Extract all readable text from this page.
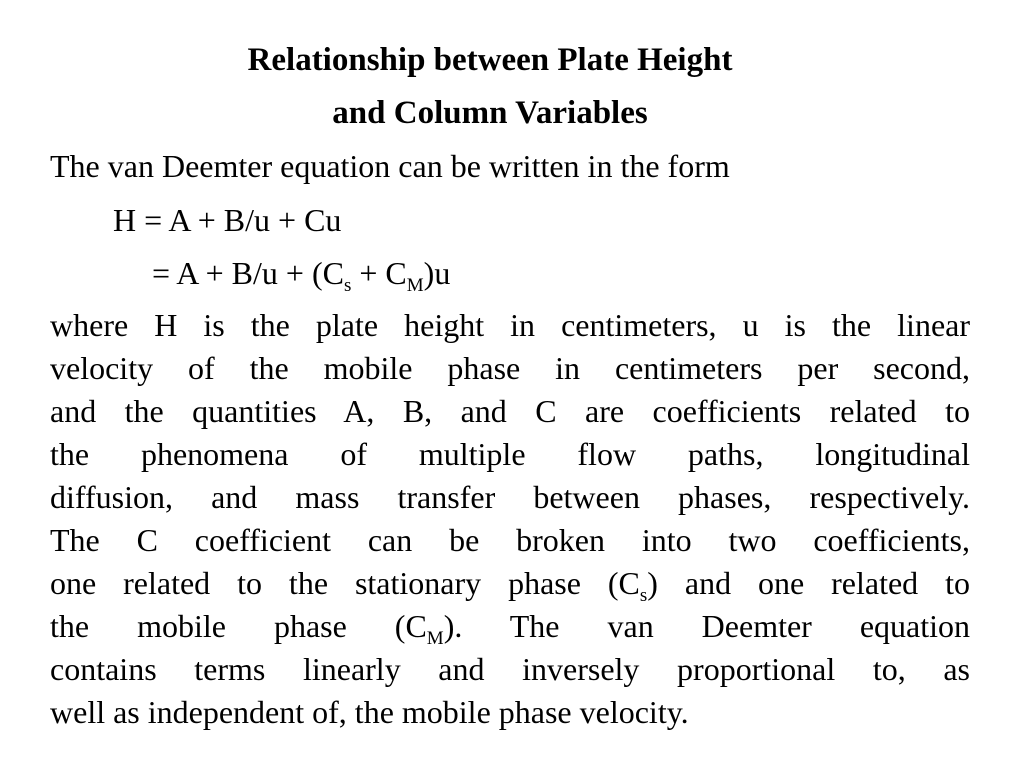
Relationship between Plate Height
and Column Variables

The van Deemter equation can be written in the form

H = A + B/u + Cu

= $A + B/u + (C_s + C_M)u$

where H is the plate height in centimeters, u is the linear
velocity of the mobile phase in centimeters per second,
and the quantities A, B, and C are coefficients related to
the phenomena of multiple flow paths, longitudinal
diffusion, and mass transfer between phases, respectively.
The C coefficient can be broken into two coefficients,
one related to the stationary phase $(C_s)$ and one related to
the mobile phase $(C_M)$. The van Deemter equation
contains terms linearly and inversely proportional to, as
well as independent of, the mobile phase velocity.
